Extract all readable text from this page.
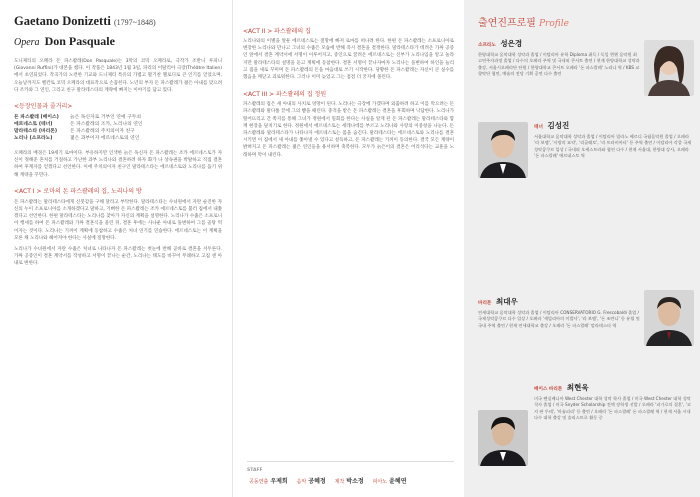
Gaetano Donizetti (1797~1848)
Opera Don Pasquale

도니제티의 오페라 돈 파스콸레(Don Pasquale)는 3막의 코믹 오페라로, 극작가 조반니 루피니(Giovanni Ruffini)가 대본을 썼다. 이 작품은 1843년 1월 3일, 파리의 이탈리아 극장(Théâtre Italien)에서 초연되었다. 작곡가의 노련한 기교와 도니제티 특유의 가볍고 활기찬 멜로디로 큰 인기를 얻었으며, 오늘날까지도 벨칸토 코믹 오페라의 대표작으로 손꼽힌다. 노년의 부자 돈 파스콸레가 젊은 아내를 맞으려다 조카와 그 연인, 그리고 친구 말라테스타의 계략에 빠지는 이야기를 담고 있다.

<등장인물과 줄거리>
돈 파스콸레 (베이스)	늙은 독신자로 거부인 연애 구두쇠
에르네스토 (테너)	돈 파스콸레의 조카, 노리나의 연인
말라테스타 (바리톤)	돈 파스콸레의 주치의이자 친구
노리나 (소프라노)	젊은 과부이자 에르네스토의 연인

오페라의 배경은 19세기 로마이다. 부유하지만 인색한 늙은 독신자 돈 파스콸레는 조카 에르네스토가 자신이 정해준 혼처를 거절하고 가난한 과부 노리나와 결혼하려 하자 화가 나 상속권을 박탈하고 직접 결혼하여 후계자를 얻겠다고 선언한다. 이에 주치의이자 친구인 말라테스타는 에르네스토와 노리나를 돕기 위해 계략을 꾸민다.

<ACT I > 로마의 돈 파스콸레의 집, 노리나의 방

돈 파스콸레는 말라테스타에게 신붓감을 구해 달라고 부탁한다. 말라테스타는 수녀원에서 자란 순진한 자신의 누이 소프로니아를 소개하겠다고 말하고, 기뻐한 돈 파스콸레는 조카 에르네스토를 불러 집에서 내쫓겠다고 선언한다. 한편 말라테스타는 노리나를 찾아가 자신의 계획을 설명한다. 노리나가 수줍은 소프로니아 행세를 하여 돈 파스콸레와 가짜 결혼식을 올린 뒤, 결혼 후에는 사나운 아내로 돌변하여 그를 골탕 먹이자는 것이다. 노리나는 기꺼이 계획에 동참하고 수줍은 처녀 연기를 연습한다. 에르네스토는 이 계획을 모른 채 노리나와 헤어져야 한다는 사실에 절망한다.

노리나가 수녀원에서 자란 수줍은 처녀로 나타나자 돈 파스콸레는 첫눈에 반해 곧바로 결혼을 서두른다. 가짜 공증인이 결혼 계약서를 작성하고 서명이 끝나는 순간, 노리나는 태도를 바꾸어 무례하고 고집 센 아내로 변한다.

<ACT II > 파스콸레의 집

노리나와의 이별을 앞둔 에르네스토는 절망에 빠져 로마를 떠나려 한다. 한편 돈 파스콸레는 소프로니아로 변장한 노리나와 만나고 그녀의 수줍은 모습에 반해 즉시 결혼을 결정한다. 말라테스타가 데려온 가짜 공증인 앞에서 결혼 계약서에 서명이 이루어지고, 증인으로 끌려온 에르네스토는 신부가 노리나임을 알고 놀라지만 말라테스타의 설명을 듣고 계획에 동참한다. 결혼 서명이 끝나자마자 노리나는 돌변하여 하인을 늘리고 집을 새로 꾸미며 돈 파스콸레의 돈을 마음대로 쓰기 시작한다. 당황한 돈 파스콸레는 자신이 큰 실수를 했음을 깨닫고 괴로워한다. 그러나 이미 늦었고 그는 점점 더 궁지에 몰린다.

<ACT III > 파스콸레의 집 정원

파스콸레의 집은 새 아내의 사치로 엉망이 된다. 노리나는 극장에 가겠다며 외출하려 하고 이를 막으려는 돈 파스콸레와 말다툼 끝에 그의 뺨을 때린다. 충격을 받은 돈 파스콸레는 결혼을 후회하며 낙담한다. 노리나가 떨어뜨리고 간 쪽지를 통해 그녀가 정원에서 밀회를 한다는 사실을 알게 된 돈 파스콸레는 말라테스타와 함께 현장을 덮치기로 한다. 정원에서 에르네스토는 세레나데를 부르고 노리나와 사랑의 이중창을 나눈다. 돈 파스콸레와 말라테스타가 나타나자 에르네스토는 몸을 숨긴다. 말라테스타는 에르네스토와 노리나를 결혼시키면 이 집에서 새 아내를 쫓아낼 수 있다고 설득하고, 돈 파스콸레는 기꺼이 동의한다. 결국 모든 계략이 밝혀지고 돈 파스콸레는 젊은 연인들을 용서하며 축복한다. 모두가 늙은이의 결혼은 어리석다는 교훈을 노래하며 막이 내린다.

STAFF
공동연출 우제희 음악 공혜정 제작 박소정 피아노 윤혜연
출연진프로필 Profile
소프라노 성은경
한양대학교 음악대학 성악과 졸업 / 이탈리아 유학 Diploma 취득 / 독일 뮌헨 음악원 최고연주자과정 졸업 / 다수의 오페라 주역 및 국내외 콘서트 출연 / 현재 한양대학교 성악과 출강, 서울시오페라단 단원 / 한양대학교 콘서트 오페라 '돈 파스콸레' 노리나 역 / KBS 교향악단 협연, 예술의 전당 기획 공연 다수 출연
테너 김성진
서울대학교 음악대학 성악과 졸업 / 이탈리아 밀라노 베르디 국립음악원 졸업 / 오페라 '라 보엠', '사랑의 묘약', '리골레토', '라 트라비아타' 등 주역 출연 / 이탈리아 각종 국제성악콩쿠르 입상 / 국내외 오케스트라와 협연 다수 / 현재 서울대, 한양대 강사, 오페라 '돈 파스콸레' 에르네스토 역
바리톤 최대우
연세대학교 음악대학 성악과 졸업 / 이탈리아 CONSERVATORIO G. Frescobaldi 졸업 / 국제성악콩쿠르 다수 입상 / 오페라 '세빌리아의 이발사', '라 보엠', '돈 조반니' 등 유럽 및 국내 주역 출연 / 현재 연세대학교 출강 / 오페라 '돈 파스콸레' 말라테스타 역
베이스 바리톤 최현욱
미국 펜실베니아 West Chester 대학 성악 학사 졸업 / 미국 West Chester 대학 성악 석사 졸업 / 미국 Snyder Scholarship 전액 장학생 선발 / 오페라 '피가로의 결혼', '코지 판 투테', '마술피리' 등 출연 / 오페라 '돈 파스콸레' 돈 파스콸레 역 / 현재 서울 시내 다수 대학 출강 및 솔리스트로 활동 중
